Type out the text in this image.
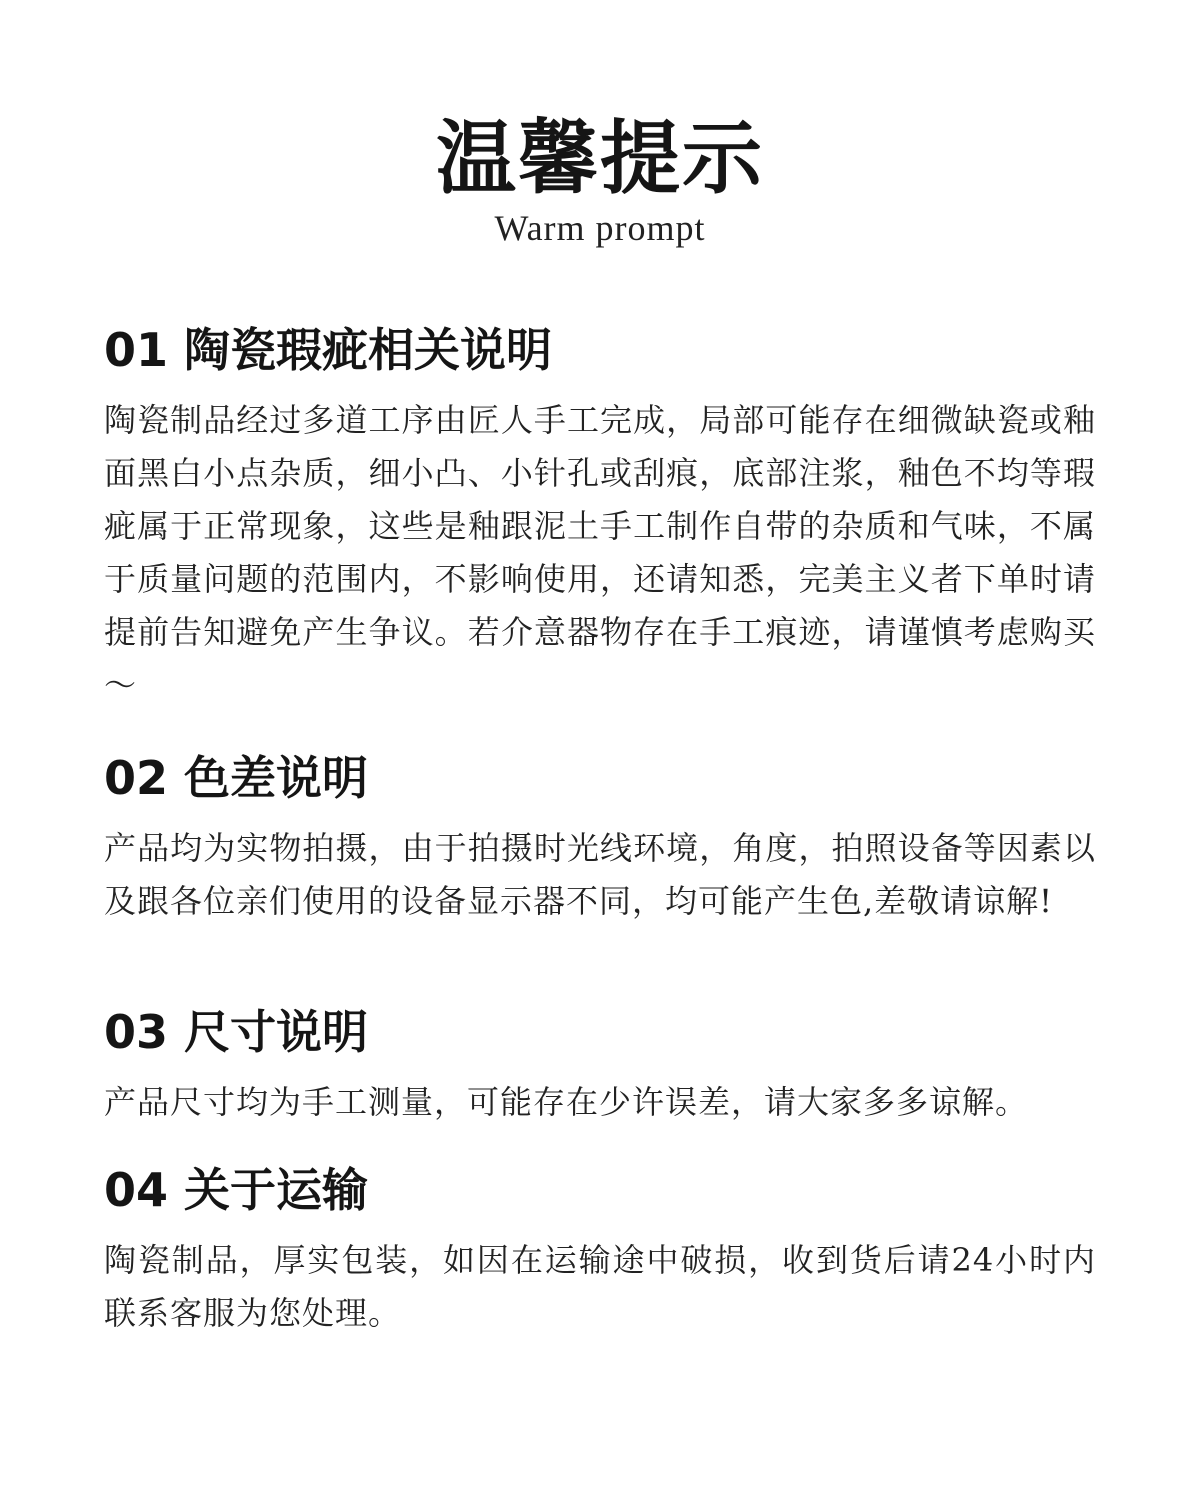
温馨提示
Warm prompt
01 陶瓷瑕疵相关说明
陶瓷制品经过多道工序由匠人手工完成，局部可能存在细微缺瓷或釉面黑白小点杂质，细小凸、小针孔或刮痕，底部注浆，釉色不均等瑕疵属于正常现象，这些是釉跟泥土手工制作自带的杂质和气味，不属于质量问题的范围内，不影响使用，还请知悉，完美主义者下单时请提前告知避免产生争议。若介意器物存在手工痕迹，请谨慎考虑购买～
02 色差说明
产品均为实物拍摄，由于拍摄时光线环境，角度，拍照设备等因素以及跟各位亲们使用的设备显示器不同，均可能产生色,差敬请谅解!
03 尺寸说明
产品尺寸均为手工测量，可能存在少许误差，请大家多多谅解。
04 关于运输
陶瓷制品，厚实包装，如因在运输途中破损，收到货后请24小时内联系客服为您处理。
